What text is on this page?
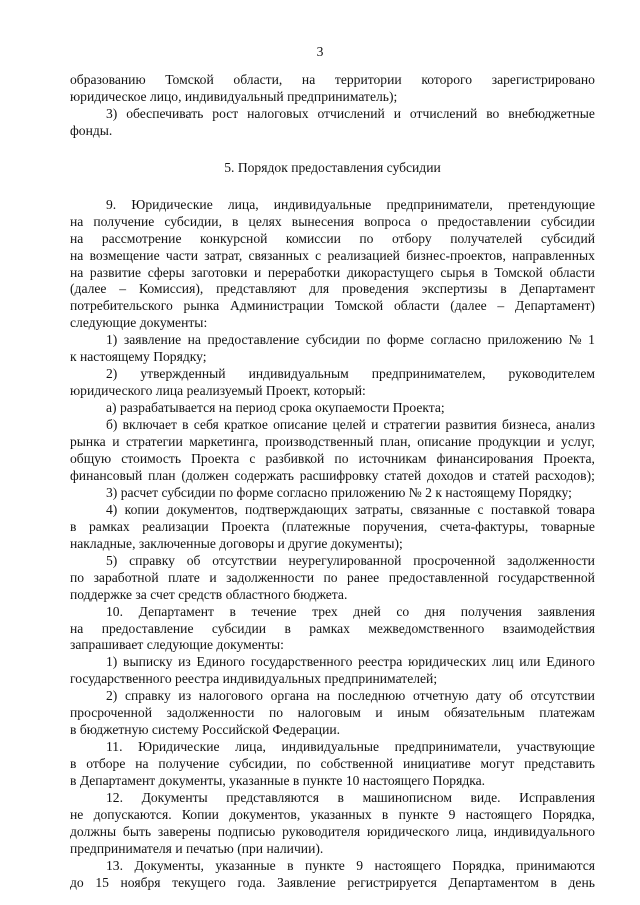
3
образованию Томской области, на территории которого зарегистрировано
юридическое лицо, индивидуальный предприниматель);
3) обеспечивать рост налоговых отчислений и отчислений во внебюджетные
фонды.
5. Порядок предоставления субсидии
9. Юридические лица, индивидуальные предприниматели, претендующие
на получение субсидии, в целях вынесения вопроса о предоставлении субсидии
на рассмотрение конкурсной комиссии по отбору получателей субсидий
на возмещение части затрат, связанных с реализацией бизнес-проектов, направленных
на развитие сферы заготовки и переработки дикорастущего сырья в Томской области
(далее – Комиссия), представляют для проведения экспертизы в Департамент
потребительского рынка Администрации Томской области (далее – Департамент)
следующие документы:
1) заявление на предоставление субсидии по форме согласно приложению № 1
к настоящему Порядку;
2) утвержденный индивидуальным предпринимателем, руководителем
юридического лица реализуемый Проект, который:
а) разрабатывается на период срока окупаемости Проекта;
б) включает в себя краткое описание целей и стратегии развития бизнеса, анализ
рынка и стратегии маркетинга, производственный план, описание продукции и услуг,
общую стоимость Проекта с разбивкой по источникам финансирования Проекта,
финансовый план (должен содержать расшифровку статей доходов и статей расходов);
3) расчет субсидии по форме согласно приложению № 2 к настоящему Порядку;
4) копии документов, подтверждающих затраты, связанные с поставкой товара
в рамках реализации Проекта (платежные поручения, счета-фактуры, товарные
накладные, заключенные договоры и другие документы);
5) справку об отсутствии неурегулированной просроченной задолженности
по заработной плате и задолженности по ранее предоставленной государственной
поддержке за счет средств областного бюджета.
10. Департамент в течение трех дней со дня получения заявления
на предоставление субсидии в рамках межведомственного взаимодействия
запрашивает следующие документы:
1) выписку из Единого государственного реестра юридических лиц или Единого
государственного реестра индивидуальных предпринимателей;
2) справку из налогового органа на последнюю отчетную дату об отсутствии
просроченной задолженности по налоговым и иным обязательным платежам
в бюджетную систему Российской Федерации.
11. Юридические лица, индивидуальные предприниматели, участвующие
в отборе на получение субсидии, по собственной инициативе могут представить
в Департамент документы, указанные в пункте 10 настоящего Порядка.
12. Документы представляются в машинописном виде. Исправления
не допускаются. Копии документов, указанных в пункте 9 настоящего Порядка,
должны быть заверены подписью руководителя юридического лица, индивидуального
предпринимателя и печатью (при наличии).
13. Документы, указанные в пункте 9 настоящего Порядка, принимаются
до 15 ноября текущего года. Заявление регистрируется Департаментом в день
